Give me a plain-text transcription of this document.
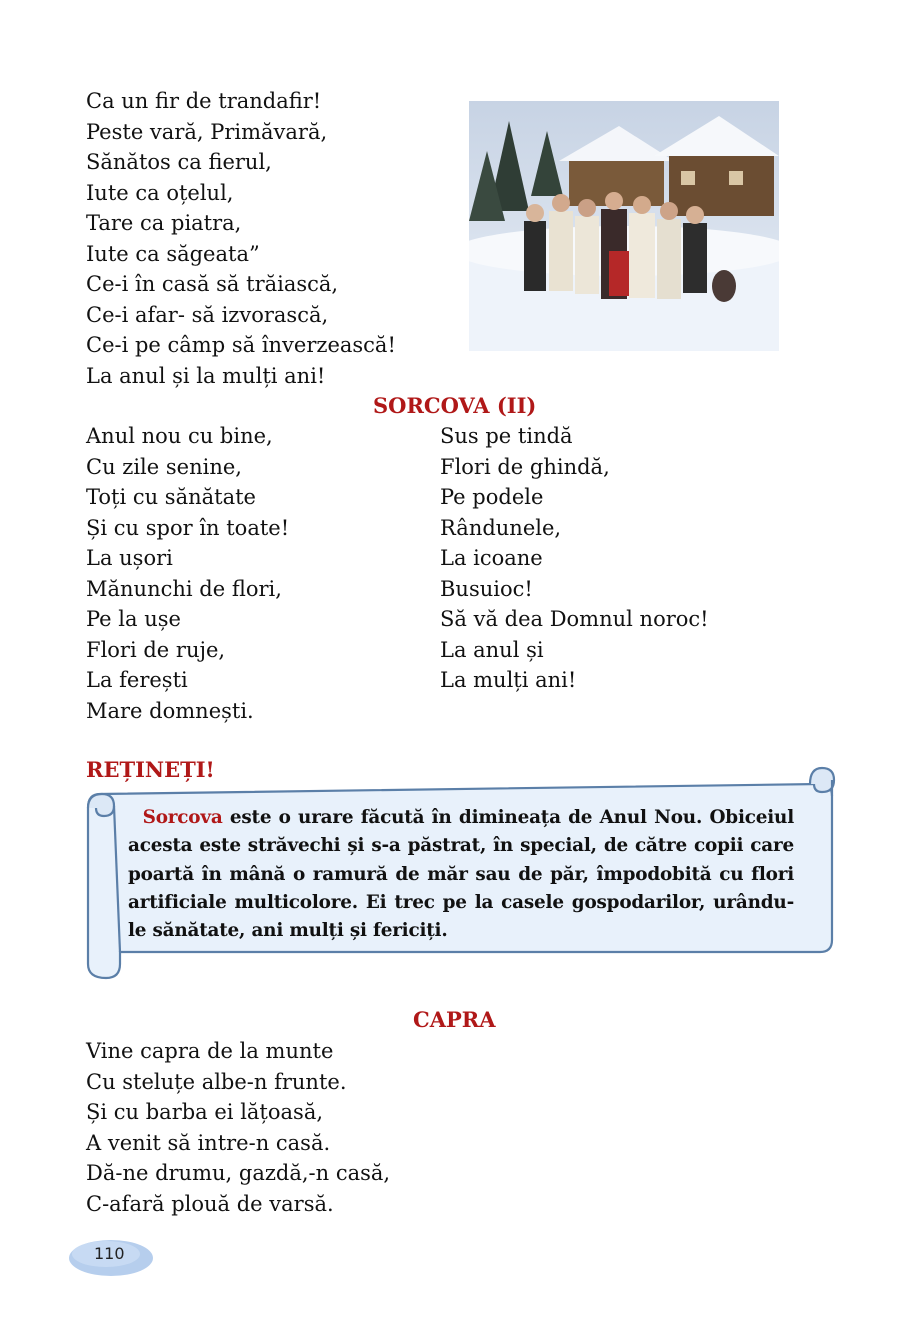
Ca un fir de trandafir!
Peste vară, Primăvară,
Sănătos ca fierul,
Iute ca oțelul,
Tare ca piatra,
Iute ca săgeata”
Ce-i în casă să trăiască,
Ce-i afar- să izvorască,
Ce-i pe câmp să înverzească!
La anul și la mulți ani!
SORCOVA (II)
Anul nou cu bine,
Cu zile senine,
Toți cu sănătate
Și cu spor în toate!
La ușori
Mănunchi de flori,
Pe la ușe
Flori de ruje,
La ferești
Mare domnești.
Sus pe tindă
Flori de ghindă,
Pe podele
Rândunele,
La icoane
Busuioc!
Să vă dea Domnul noroc!
La anul și
La mulți ani!
REȚINEȚI!
Sorcova este o urare făcută în dimineața de Anul Nou. Obiceiul acesta este străvechi și s-a păstrat, în special, de către copii care poartă în mână o ramură de măr sau de păr, împodobită cu flori artificiale multicolore. Ei trec pe la casele gospodarilor, urându-le sănătate, ani mulți și fericiți.
CAPRA
Vine capra de la munte
Cu steluțe albe-n frunte.
Și cu barba ei lățoasă,
A venit să intre-n casă.
Dă-ne drumu, gazdă,-n casă,
C-afară plouă de varsă.
110
